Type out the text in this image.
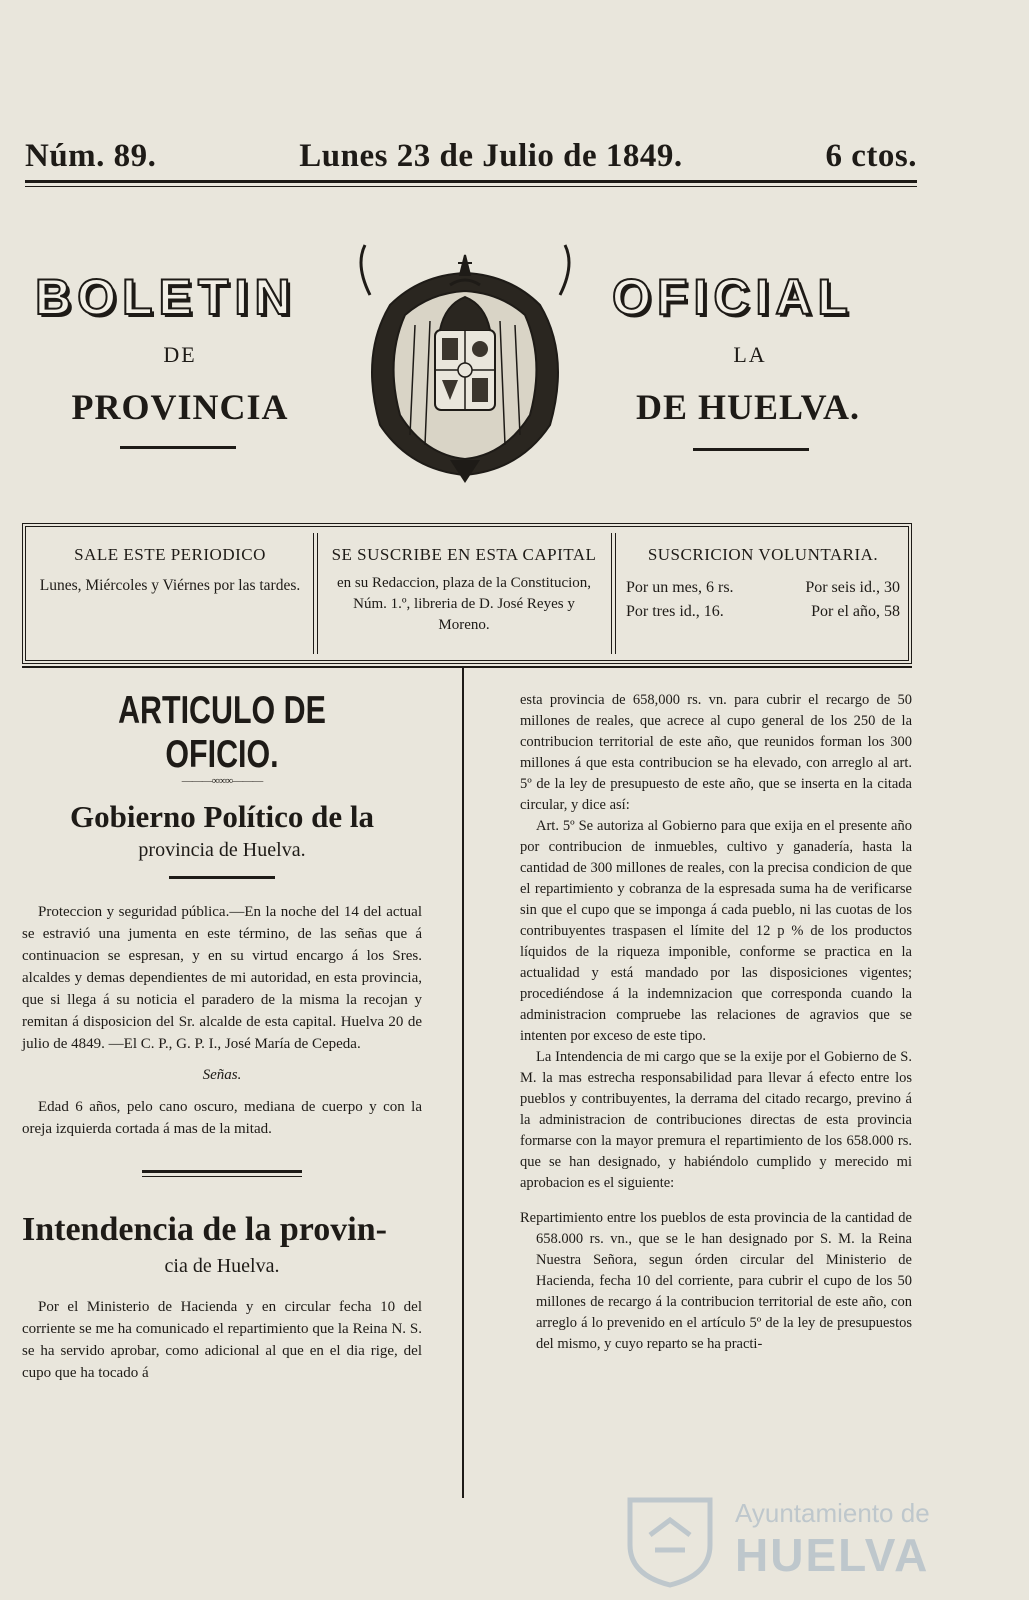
Núm. 89.	Lunes 23 de Julio de 1849.	6 ctos.
BOLETIN	OFICIAL
DE	LA
PROVINCIA	DE HUELVA.
SALE ESTE PERIODICO
Lunes, Miércoles y Viérnes por las tardes.
SE SUSCRIBE EN ESTA CAPITAL
en su Redaccion, plaza de la Constitucion, Núm. 1.º, libreria de D. José Reyes y Moreno.
SUSCRICION VOLUNTARIA.
Por un mes, 6 rs.	Por seis id., 30
Por tres id., 16.	Por el año, 58
ARTICULO DE OFICIO.
———∞∞∞———
Gobierno Político de la
provincia de Huelva.

Proteccion y seguridad pública.—En la noche del 14 del actual se estravió una jumenta en este término, de las señas que á continuacion se espresan, y en su virtud encargo á los Sres. alcaldes y demas dependientes de mi autoridad, en esta provincia, que si llega á su noticia el paradero de la misma la recojan y remitan á disposicion del Sr. alcalde de esta capital. Huelva 20 de julio de 4849. —El C. P., G. P. I., José María de Cepeda.

Señas.

Edad 6 años, pelo cano oscuro, mediana de cuerpo y con la oreja izquierda cortada á mas de la mitad.

Intendencia de la provin-
cia de Huelva.

Por el Ministerio de Hacienda y en circular fecha 10 del corriente se me ha comunicado el repartimiento que la Reina N. S. se ha servido aprobar, como adicional al que en el dia rige, del cupo que ha tocado á

esta provincia de 658,000 rs. vn. para cubrir el recargo de 50 millones de reales, que acrece al cupo general de los 250 de la contribucion territorial de este año, que reunidos forman los 300 millones á que esta contribucion se ha elevado, con arreglo al art. 5º de la ley de presupuesto de este año, que se inserta en la citada circular, y dice así:

Art. 5º Se autoriza al Gobierno para que exija en el presente año por contribucion de inmuebles, cultivo y ganadería, hasta la cantidad de 300 millones de reales, con la precisa condicion de que el repartimiento y cobranza de la espresada suma ha de verificarse sin que el cupo que se imponga á cada pueblo, ni las cuotas de los contribuyentes traspasen el límite del 12 p % de los productos líquidos de la riqueza imponible, conforme se practica en la actualidad y está mandado por las disposiciones vigentes; procediéndose á la indemnizacion que corresponda cuando la administracion compruebe las relaciones de agravios que se intenten por exceso de este tipo.

La Intendencia de mi cargo que se la exije por el Gobierno de S. M. la mas estrecha responsabilidad para llevar á efecto entre los pueblos y contribuyentes, la derrama del citado recargo, previno á la administracion de contribuciones directas de esta provincia formarse con la mayor premura el repartimiento de los 658.000 rs. que se han designado, y habiéndolo cumplido y merecido mi aprobacion es el siguiente:

Repartimiento entre los pueblos de esta provincia de la cantidad de 658.000 rs. vn., que se le han designado por S. M. la Reina Nuestra Señora, segun órden circular del Ministerio de Hacienda, fecha 10 del corriente, para cubrir el cupo de los 50 millones de recargo á la contribucion territorial de este año, con arreglo á lo prevenido en el artículo 5º de la ley de presupuestos del mismo, y cuyo reparto se ha practi-

Ayuntamiento de
HUELVA
